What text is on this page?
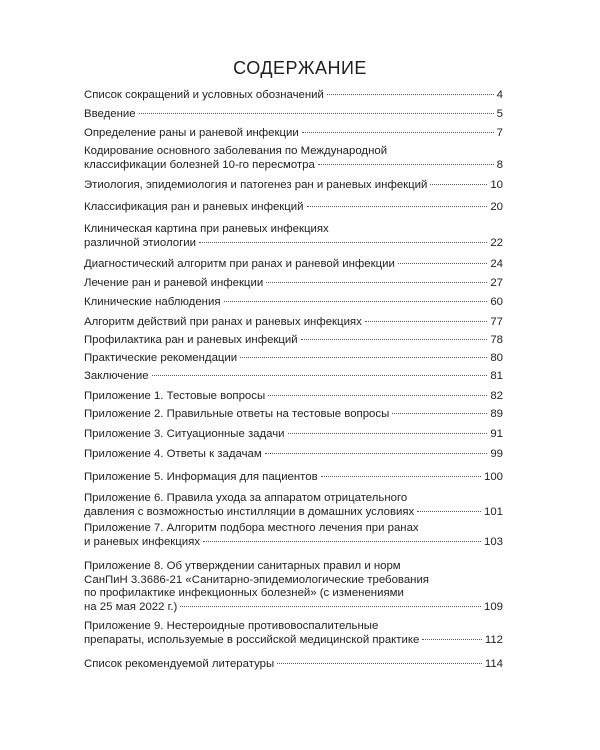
СОДЕРЖАНИЕ
Список сокращений и условных обозначений	4
Введение	5
Определение раны и раневой инфекции	7
Кодирование основного заболевания по Международной
классификации болезней 10-го пересмотра	8
Этиология, эпидемиология и патогенез ран и раневых инфекций	10
Классификация ран и раневых инфекций	20
Клиническая картина при раневых инфекциях
различной этиологии	22
Диагностический алгоритм при ранах и раневой инфекции	24
Лечение ран и раневой инфекции	27
Клинические наблюдения	60
Алгоритм действий при ранах и раневых инфекциях	77
Профилактика ран и раневых инфекций	78
Практические рекомендации	80
Заключение	81
Приложение 1. Тестовые вопросы	82
Приложение 2. Правильные ответы на тестовые вопросы	89
Приложение 3. Ситуационные задачи	91
Приложение 4. Ответы к задачам	99
Приложение 5. Информация для пациентов	100
Приложение 6. Правила ухода за аппаратом отрицательного
давления с возможностью инстилляции в домашних условиях	101
Приложение 7. Алгоритм подбора местного лечения при ранах
и раневых инфекциях	103
Приложение 8. Об утверждении санитарных правил и норм
СанПиН 3.3686-21 «Санитарно-эпидемиологические требования
по профилактике инфекционных болезней» (с изменениями
на 25 мая 2022 г.)	109
Приложение 9. Нестероидные противовоспалительные
препараты, используемые в российской медицинской практике	112
Список рекомендуемой литературы	114
